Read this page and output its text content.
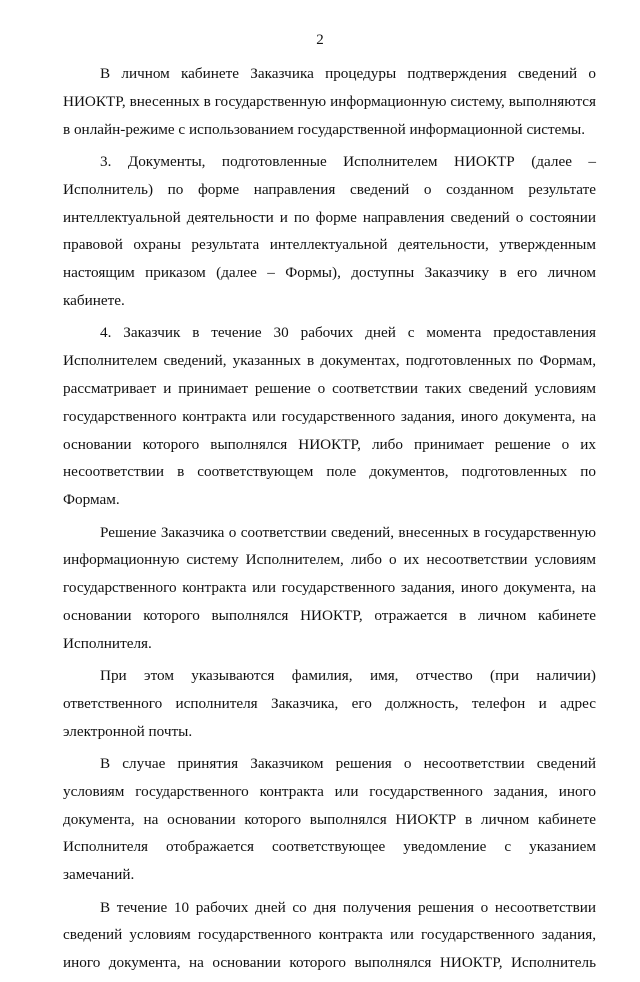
2

В личном кабинете Заказчика процедуры подтверждения сведений о НИОКТР, внесенных в государственную информационную систему, выполняются в онлайн-режиме с использованием государственной информационной системы.

3. Документы, подготовленные Исполнителем НИОКТР (далее – Исполнитель) по форме направления сведений о созданном результате интеллектуальной деятельности и по форме направления сведений о состоянии правовой охраны результата интеллектуальной деятельности, утвержденным настоящим приказом (далее – Формы), доступны Заказчику в его личном кабинете.

4. Заказчик в течение 30 рабочих дней с момента предоставления Исполнителем сведений, указанных в документах, подготовленных по Формам, рассматривает и принимает решение о соответствии таких сведений условиям государственного контракта или государственного задания, иного документа, на основании которого выполнялся НИОКТР, либо принимает решение о их несоответствии в соответствующем поле документов, подготовленных по Формам.

Решение Заказчика о соответствии сведений, внесенных в государственную информационную систему Исполнителем, либо о их несоответствии условиям государственного контракта или государственного задания, иного документа, на основании которого выполнялся НИОКТР, отражается в личном кабинете Исполнителя.

При этом указываются фамилия, имя, отчество (при наличии) ответственного исполнителя Заказчика, его должность, телефон и адрес электронной почты.

В случае принятия Заказчиком решения о несоответствии сведений условиям государственного контракта или государственного задания, иного документа, на основании которого выполнялся НИОКТР в личном кабинете Исполнителя отображается соответствующее уведомление с указанием замечаний.

В течение 10 рабочих дней со дня получения решения о несоответствии сведений условиям государственного контракта или государственного задания, иного документа, на основании которого выполнялся НИОКТР, Исполнитель
